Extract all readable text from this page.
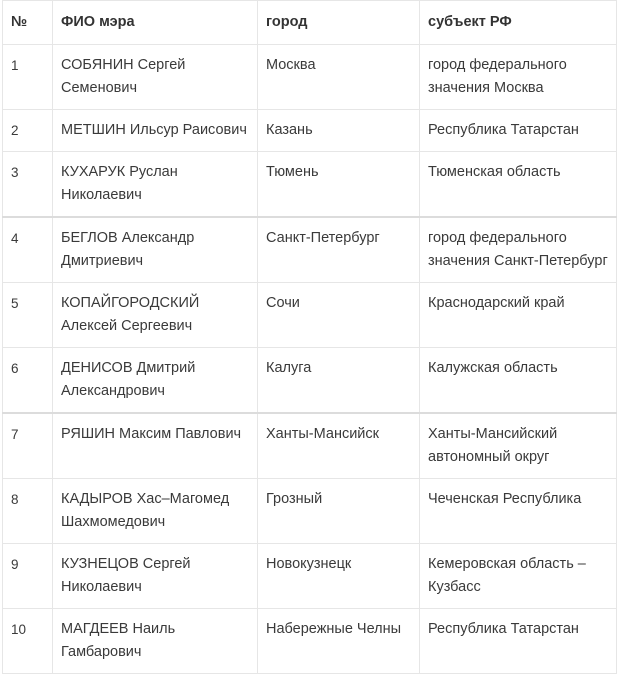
№	ФИО мэра	город	субъект РФ
1	СОБЯНИН Сергей Семенович	Москва	город федерального значения Москва
2	МЕТШИН Ильсур Раисович	Казань	Республика Татарстан
3	КУХАРУК Руслан Николаевич	Тюмень	Тюменская область
4	БЕГЛОВ Александр Дмитриевич	Санкт-Петербург	город федерального значения Санкт-Петербург
5	КОПАЙГОРОДСКИЙ Алексей Сергеевич	Сочи	Краснодарский край
6	ДЕНИСОВ Дмитрий Александрович	Калуга	Калужская область
7	РЯШИН Максим Павлович	Ханты-Мансийск	Ханты-Мансийский автономный округ
8	КАДЫРОВ Хас–Магомед Шахмомедович	Грозный	Чеченская Республика
9	КУЗНЕЦОВ Сергей Николаевич	Новокузнецк	Кемеровская область – Кузбасс
10	МАГДЕЕВ Наиль Гамбарович	Набережные Челны	Республика Татарстан
